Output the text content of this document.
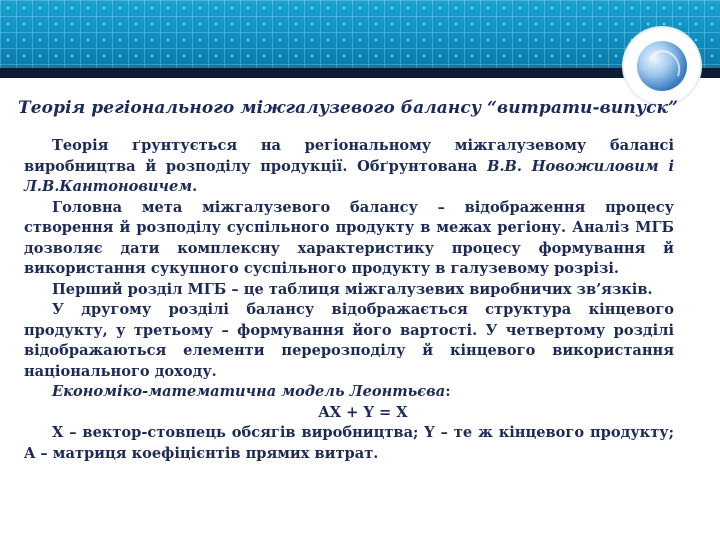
Теорія регіонального міжгалузевого балансу “витрати-випуск”

Теорія ґрунтується на регіональному міжгалузевому балансі виробництва й розподілу продукції. Обґрунтована В.В. Новожиловим і Л.В.Кантоновичем.

Головна мета міжгалузевого балансу – відображення процесу створення й розподілу суспільного продукту в межах регіону. Аналіз МГБ дозволяє дати комплексну характеристику процесу формування й використання сукупного суспільного продукту в галузевому розрізі.

Перший розділ МГБ – це таблиця міжгалузевих виробничих зв’язків.

У другому розділі балансу відображається структура кінцевого продукту, у третьому – формування його вартості. У четвертому розділі відображаються елементи перерозподілу й кінцевого використання національного доходу.

Економіко-математична модель Леонтьєва:

AX + Y = X

X – вектор-стовпець обсягів виробництва; Y – те ж кінцевого продукту; A – матриця коефіцієнтів прямих витрат.
